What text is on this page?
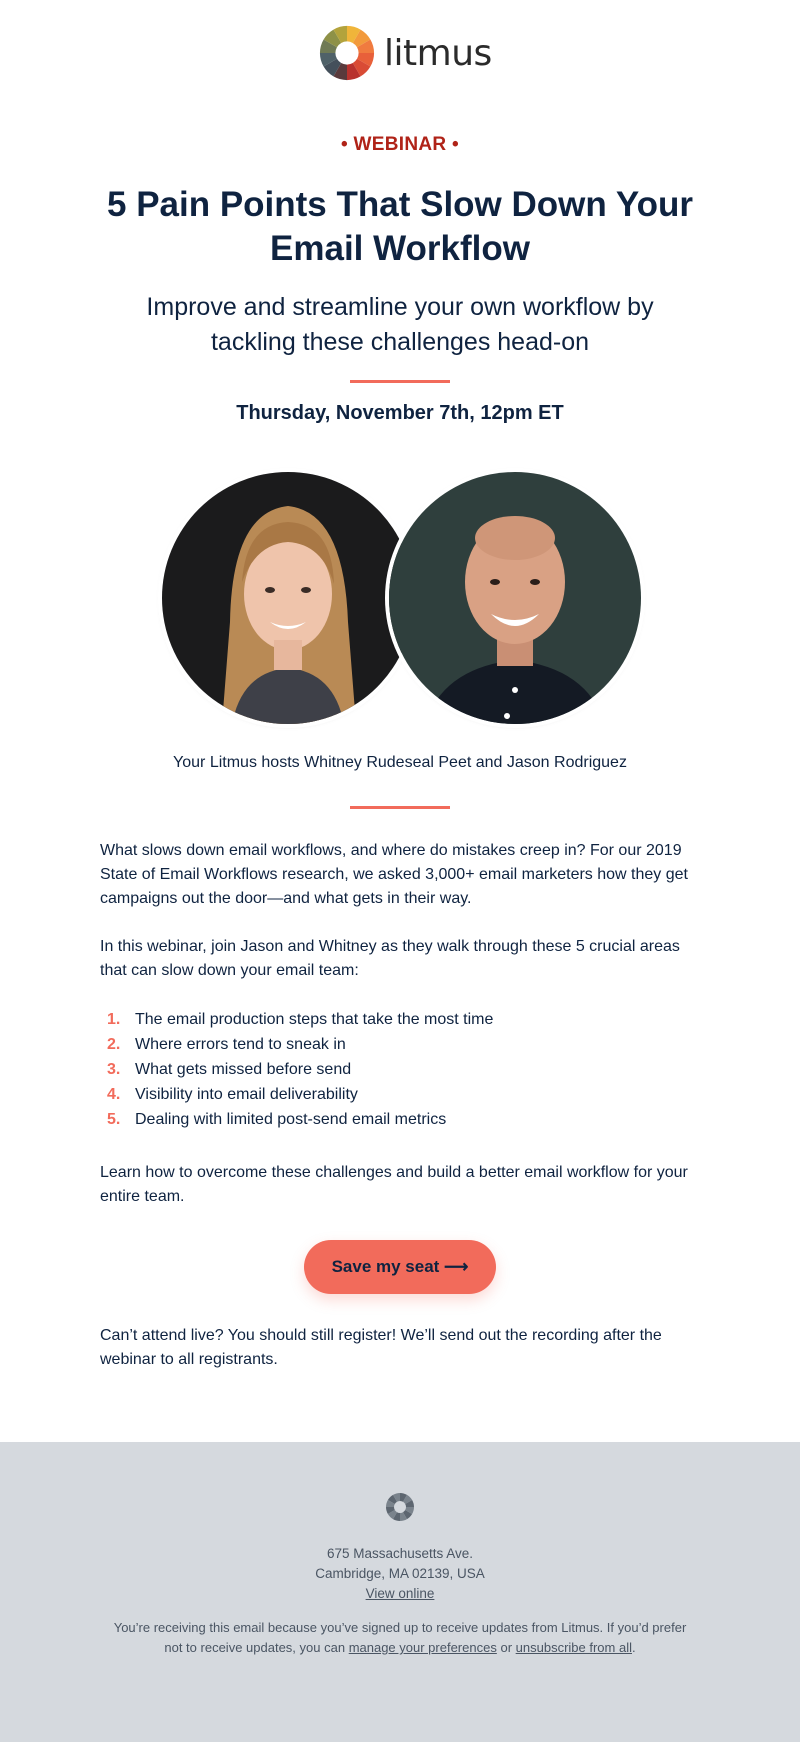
litmus
• WEBINAR •
5 Pain Points That Slow Down Your Email Workflow

Improve and streamline your own workflow by tackling these challenges head-on

Thursday, November 7th, 12pm ET
Your Litmus hosts Whitney Rudeseal Peet and Jason Rodriguez

What slows down email workflows, and where do mistakes creep in? For our 2019 State of Email Workflows research, we asked 3,000+ email marketers how they get campaigns out the door—and what gets in their way.

In this webinar, join Jason and Whitney as they walk through these 5 crucial areas that can slow down your email team:

1. The email production steps that take the most time
2. Where errors tend to sneak in
3. What gets missed before send
4. Visibility into email deliverability
5. Dealing with limited post-send email metrics

Learn how to overcome these challenges and build a better email workflow for your entire team.

Save my seat ⟶

Can’t attend live? You should still register! We’ll send out the recording after the webinar to all registrants.

675 Massachusetts Ave.
Cambridge, MA 02139, USA
View online
You’re receiving this email because you’ve signed up to receive updates from Litmus. If you’d prefer not to receive updates, you can manage your preferences or unsubscribe from all.
